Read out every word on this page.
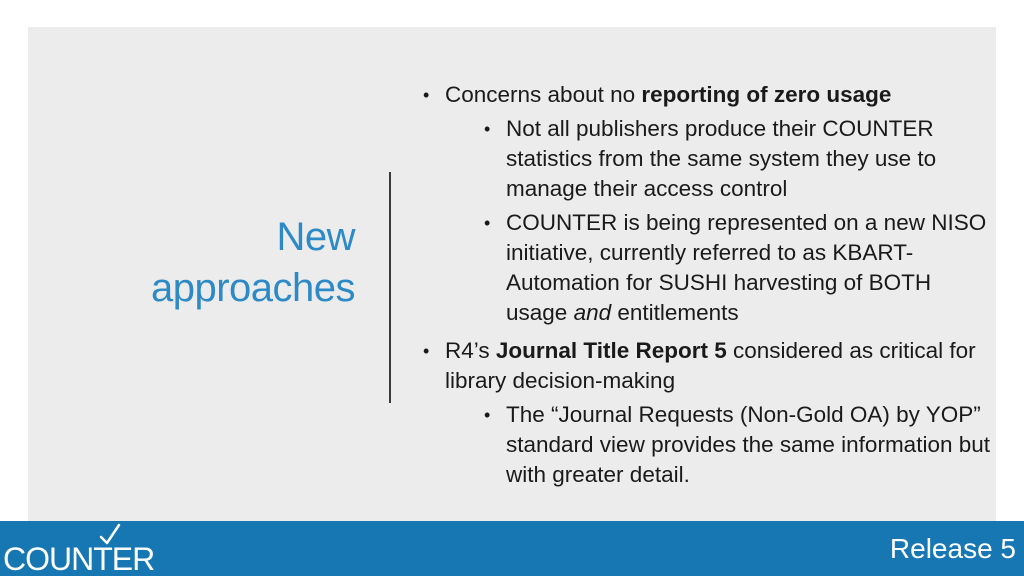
New
approaches
• Concerns about no reporting of zero usage
• Not all publishers produce their COUNTER statistics from the same system they use to manage their access control
• COUNTER is being represented on a new NISO initiative, currently referred to as KBART-Automation for SUSHI harvesting of BOTH usage and entitlements
• R4’s Journal Title Report 5 considered as critical for library decision-making
• The “Journal Requests (Non-Gold OA) by YOP” standard view provides the same information but with greater detail.
COUNTER	Release 5
